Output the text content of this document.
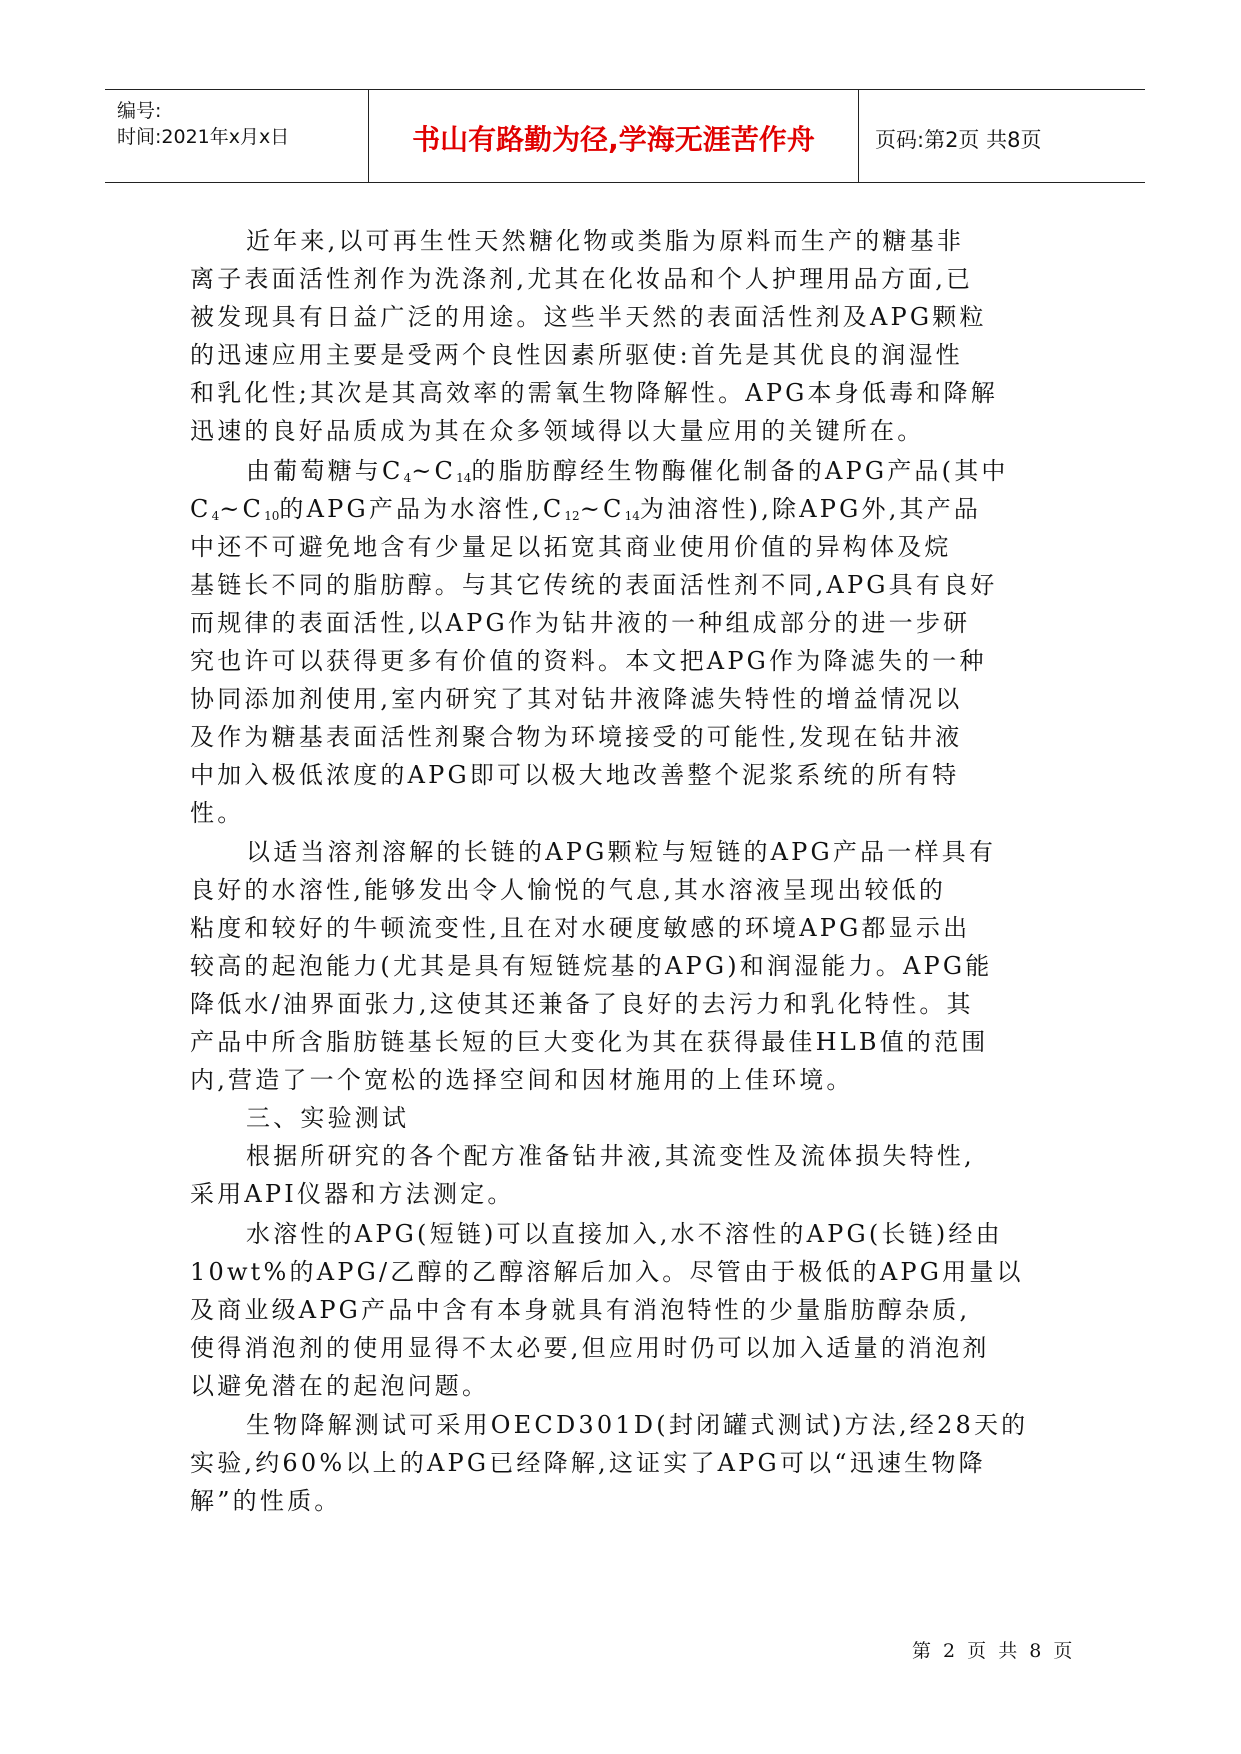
编号:
时间:2021年x月x日	书山有路勤为径,学海无涯苦作舟	页码:第2页 共8页
近年来,以可再生性天然糖化物或类脂为原料而生产的糖基非
离子表面活性剂作为洗涤剂,尤其在化妆品和个人护理用品方面,已
被发现具有日益广泛的用途。这些半天然的表面活性剂及APG颗粒
的迅速应用主要是受两个良性因素所驱使:首先是其优良的润湿性
和乳化性;其次是其高效率的需氧生物降解性。APG本身低毒和降解
迅速的良好品质成为其在众多领域得以大量应用的关键所在。
由葡萄糖与$C_4\sim C_{14}$的脂肪醇经生物酶催化制备的APG产品(其中
$C_4\sim C_{10}$的APG产品为水溶性$,C_{12}\sim C_{14}$为油溶性),除APG外,其产品
中还不可避免地含有少量足以拓宽其商业使用价值的异构体及烷
基链长不同的脂肪醇。与其它传统的表面活性剂不同,APG具有良好
而规律的表面活性,以APG作为钻井液的一种组成部分的进一步研
究也许可以获得更多有价值的资料。本文把APG作为降滤失的一种
协同添加剂使用,室内研究了其对钻井液降滤失特性的增益情况以
及作为糖基表面活性剂聚合物为环境接受的可能性,发现在钻井液
中加入极低浓度的APG即可以极大地改善整个泥浆系统的所有特
性。
以适当溶剂溶解的长链的APG颗粒与短链的APG产品一样具有
良好的水溶性,能够发出令人愉悦的气息,其水溶液呈现出较低的
粘度和较好的牛顿流变性,且在对水硬度敏感的环境APG都显示出
较高的起泡能力(尤其是具有短链烷基的APG)和润湿能力。APG能
降低水/油界面张力,这使其还兼备了良好的去污力和乳化特性。其
产品中所含脂肪链基长短的巨大变化为其在获得最佳HLB值的范围
内,营造了一个宽松的选择空间和因材施用的上佳环境。
三、实验测试
根据所研究的各个配方准备钻井液,其流变性及流体损失特性,
采用API仪器和方法测定。
水溶性的APG(短链)可以直接加入,水不溶性的APG(长链)经由
10wt%的APG/乙醇的乙醇溶解后加入。尽管由于极低的APG用量以
及商业级APG产品中含有本身就具有消泡特性的少量脂肪醇杂质,
使得消泡剂的使用显得不太必要,但应用时仍可以加入适量的消泡剂
以避免潜在的起泡问题。
生物降解测试可采用OECD301D(封闭罐式测试)方法,经28天的
实验,约60%以上的APG已经降解,这证实了APG可以“迅速生物降
解”的性质。
第 2 页 共 8 页
